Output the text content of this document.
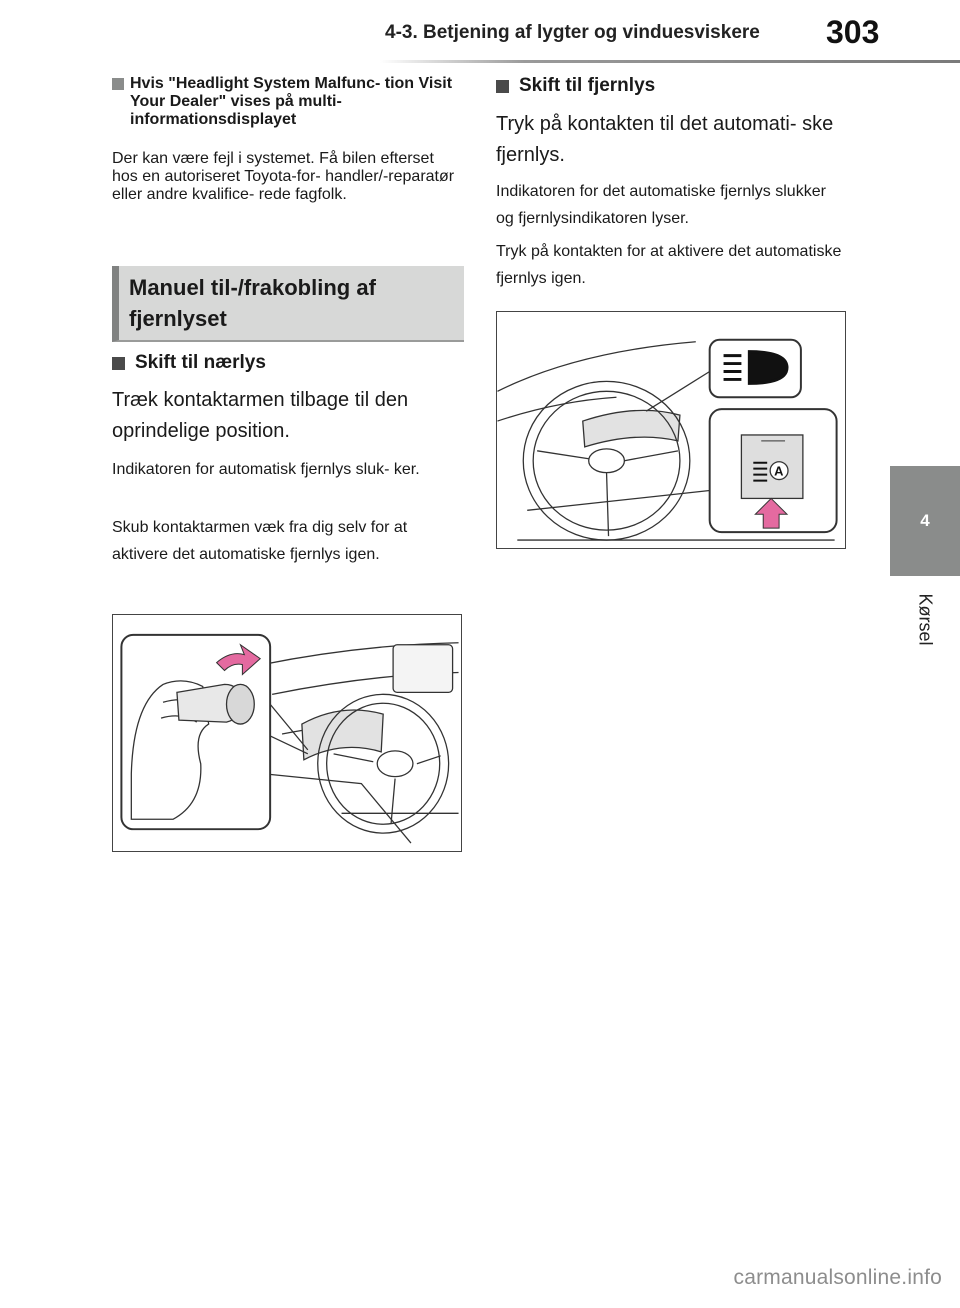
4-3. Betjening af lygter og vinduesviskere 303
4
Kørsel
Hvis "Headlight System Malfunc- tion Visit Your Dealer" vises på multi-informationsdisplayet
Der kan være fejl i systemet. Få bilen efterset hos en autoriseret Toyota-for- handler/-reparatør eller andre kvalifice- rede fagfolk.
Manuel til-/frakobling af fjernlyset
Skift til nærlys
Træk kontaktarmen tilbage til den oprindelige position.
Indikatoren for automatisk fjernlys sluk- ker.
Skub kontaktarmen væk fra dig selv for at aktivere det automatiske fjernlys igen.
Skift til fjernlys
Tryk på kontakten til det automati- ske fjernlys.
Indikatoren for det automatiske fjernlys slukker og fjernlysindikatoren lyser.
Tryk på kontakten for at aktivere det automatiske fjernlys igen.
A
carmanualsonline.info
